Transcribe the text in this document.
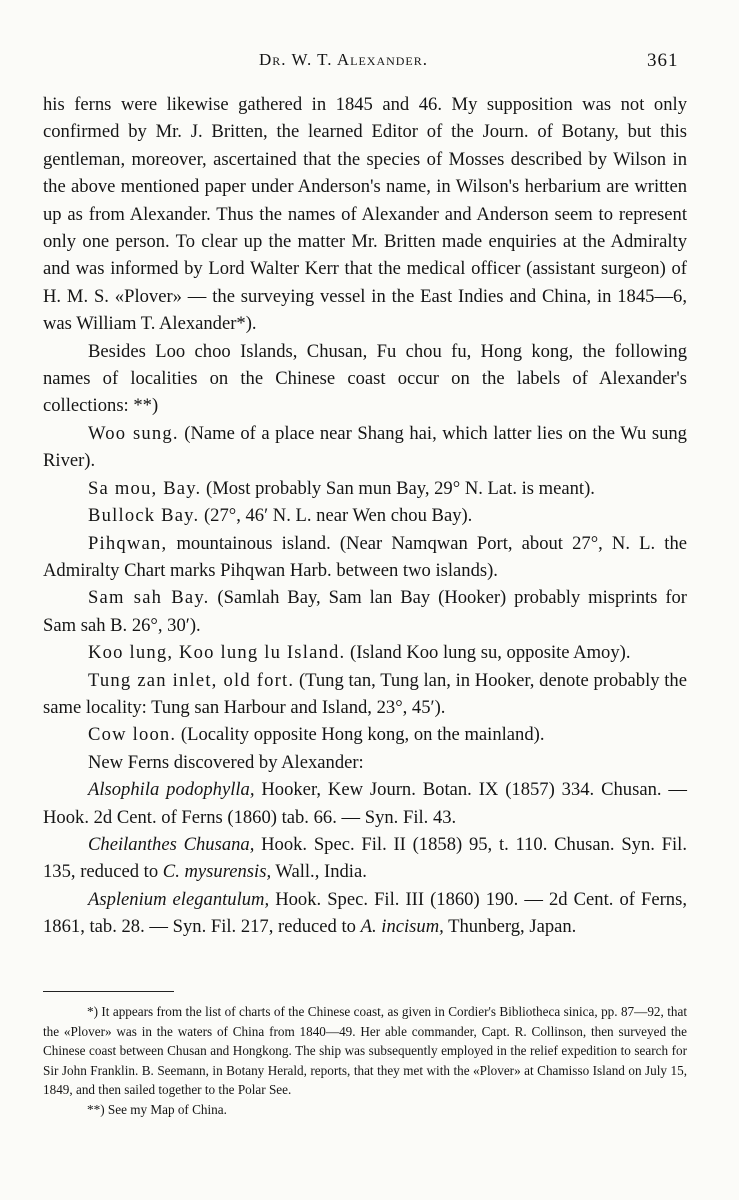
Dr. W. T. Alexander.	361

his ferns were likewise gathered in 1845 and 46. My supposition was not only confirmed by Mr. J. Britten, the learned Editor of the Journ. of Botany, but this gentleman, moreover, ascertained that the species of Mosses described by Wilson in the above mentioned paper under Anderson's name, in Wilson's herbarium are written up as from Alexander. Thus the names of Alexander and Anderson seem to represent only one person. To clear up the matter Mr. Britten made enquiries at the Admiralty and was informed by Lord Walter Kerr that the medical officer (assistant surgeon) of H. M. S. «Plover» — the surveying vessel in the East Indies and China, in 1845—6, was William T. Alexander*).

Besides Loo choo Islands, Chusan, Fu chou fu, Hong kong, the following names of localities on the Chinese coast occur on the labels of Alexander's collections: **)

Woo sung. (Name of a place near Shang hai, which latter lies on the Wu sung River).

Sa mou, Bay. (Most probably San mun Bay, 29° N. Lat. is meant).

Bullock Bay. (27°, 46′ N. L. near Wen chou Bay).

Pihqwan, mountainous island. (Near Namqwan Port, about 27°, N. L. the Admiralty Chart marks Pihqwan Harb. between two islands).

Sam sah Bay. (Samlah Bay, Sam lan Bay (Hooker) probably misprints for Sam sah B. 26°, 30′).

Koo lung, Koo lung lu Island. (Island Koo lung su, opposite Amoy).

Tung zan inlet, old fort. (Tung tan, Tung lan, in Hooker, denote probably the same locality: Tung san Harbour and Island, 23°, 45′).

Cow loon. (Locality opposite Hong kong, on the mainland).

New Ferns discovered by Alexander:

Alsophila podophylla, Hooker, Kew Journ. Botan. IX (1857) 334. Chusan. — Hook. 2d Cent. of Ferns (1860) tab. 66. — Syn. Fil. 43.

Cheilanthes Chusana, Hook. Spec. Fil. II (1858) 95, t. 110. Chusan. Syn. Fil. 135, reduced to C. mysurensis, Wall., India.

Asplenium elegantulum, Hook. Spec. Fil. III (1860) 190. — 2d Cent. of Ferns, 1861, tab. 28. — Syn. Fil. 217, reduced to A. incisum, Thunberg, Japan.

*) It appears from the list of charts of the Chinese coast, as given in Cordier's Bibliotheca sinica, pp. 87—92, that the «Plover» was in the waters of China from 1840—49. Her able commander, Capt. R. Collinson, then surveyed the Chinese coast between Chusan and Hongkong. The ship was subsequently employed in the relief expedition to search for Sir John Franklin. B. Seemann, in Botany Herald, reports, that they met with the «Plover» at Chamisso Island on July 15, 1849, and then sailed together to the Polar See.

**) See my Map of China.
